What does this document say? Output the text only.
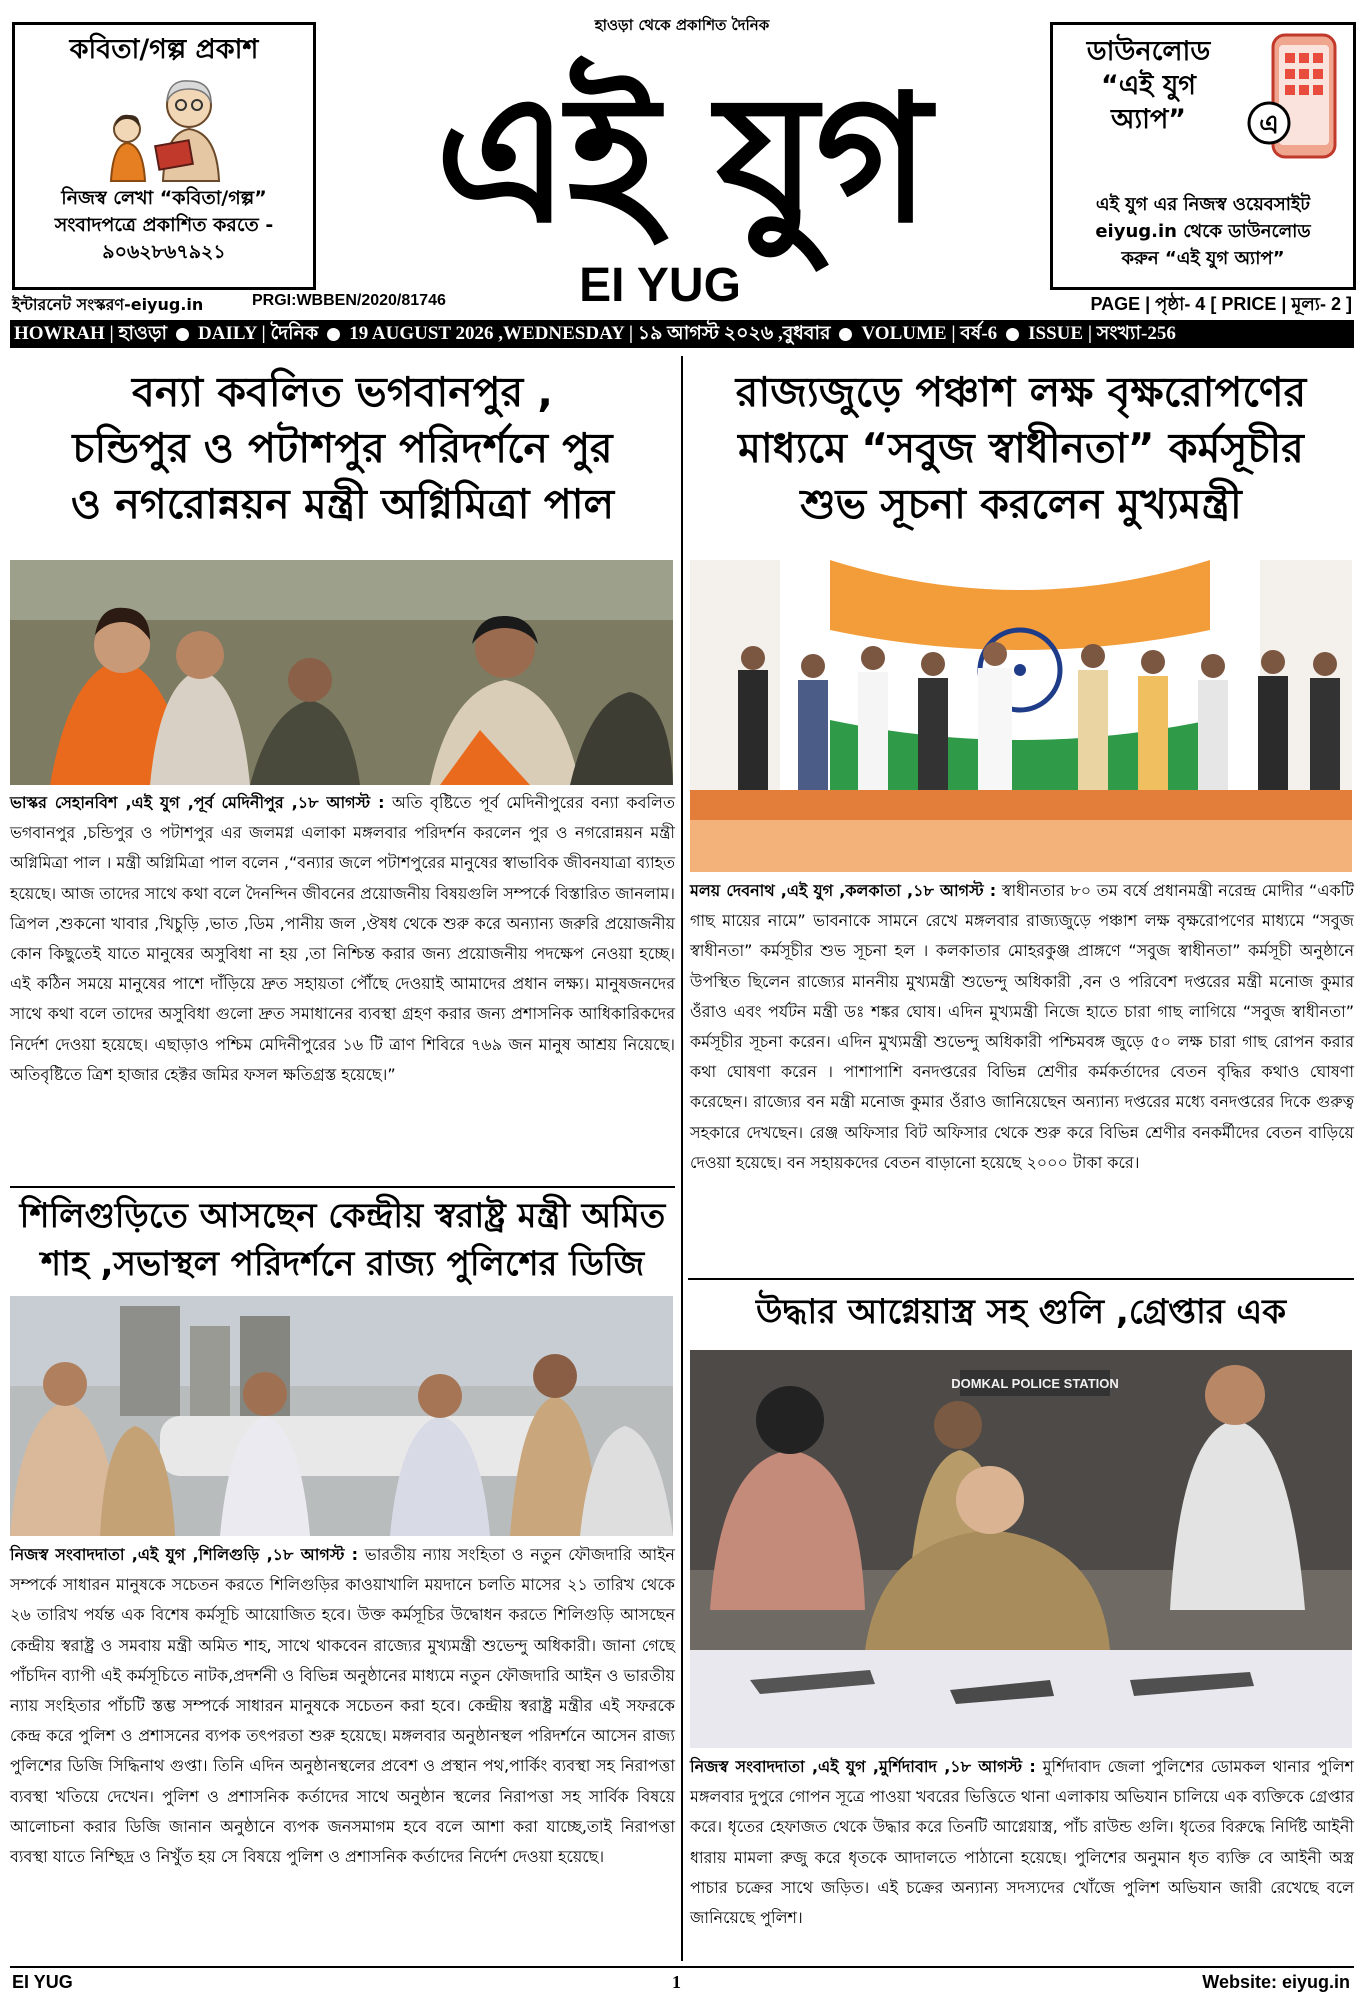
কবিতা/গল্প প্রকাশ
নিজস্ব লেখা “কবিতা/গল্প”
সংবাদপত্রে প্রকাশিত করতে -
৯০৬২৮৬৭৯২১
হাওড়া থেকে প্রকাশিত দৈনিক
এই যুগ
EI YUG
ডাউনলোড
“এই যুগ
অ্যাপ”	এ
এই যুগ এর নিজস্ব ওয়েবসাইট
eiyug.in থেকে ডাউনলোড
করুন “এই যুগ অ্যাপ”
ইন্টারনেট সংস্করণ-eiyug.in	PRGI:WBBEN/2020/81746	PAGE | পৃষ্ঠা- 4 [ PRICE | মূল্য- 2 ]
HOWRAH | হাওড়া DAILY | দৈনিক 19 AUGUST 2026 ,WEDNESDAY | ১৯ আগস্ট ২০২৬ ,বুধবার VOLUME | বর্ষ-6 ISSUE | সংখ্যা-256
বন্যা কবলিত ভগবানপুর ,
চন্ডিপুর ও পটাশপুর পরিদর্শনে পুর
ও নগরোন্নয়ন মন্ত্রী অগ্নিমিত্রা পাল
ভাস্কর সেহানবিশ ,এই যুগ ,পূর্ব মেদিনীপুর ,১৮ আগস্ট : অতি বৃষ্টিতে পূর্ব মেদিনীপুরের বন্যা কবলিত ভগবানপুর ,চন্ডিপুর ও পটাশপুর এর জলমগ্ন এলাকা মঙ্গলবার পরিদর্শন করলেন পুর ও নগরোন্নয়ন মন্ত্রী অগ্নিমিত্রা পাল । মন্ত্রী অগ্নিমিত্রা পাল বলেন ,“বন্যার জলে পটাশপুরের মানুষের স্বাভাবিক জীবনযাত্রা ব্যাহত হয়েছে। আজ তাদের সাথে কথা বলে দৈনন্দিন জীবনের প্রয়োজনীয় বিষয়গুলি সম্পর্কে বিস্তারিত জানলাম।ত্রিপল ,শুকনো খাবার ,খিচুড়ি ,ভাত ,ডিম ,পানীয় জল ,ঔষধ থেকে শুরু করে অন্যান্য জরুরি প্রয়োজনীয় কোন কিছুতেই যাতে মানুষের অসুবিধা না হয় ,তা নিশ্চিন্ত করার জন্য প্রয়োজনীয় পদক্ষেপ নেওয়া হচ্ছে। এই কঠিন সময়ে মানুষের পাশে দাঁড়িয়ে দ্রুত সহায়তা পৌঁছে দেওয়াই আমাদের প্রধান লক্ষ্য। মানুষজনদের সাথে কথা বলে তাদের অসুবিধা গুলো দ্রুত সমাধানের ব্যবস্থা গ্রহণ করার জন্য প্রশাসনিক আধিকারিকদের নির্দেশ দেওয়া হয়েছে। এছাড়াও পশ্চিম মেদিনীপুরের ১৬ টি ত্রাণ শিবিরে ৭৬৯ জন মানুষ আশ্রয় নিয়েছে। অতিবৃষ্টিতে ত্রিশ হাজার হেক্টর জমির ফসল ক্ষতিগ্রস্ত হয়েছে।”
শিলিগুড়িতে আসছেন কেন্দ্রীয় স্বরাষ্ট্র মন্ত্রী অমিত
শাহ ,সভাস্থল পরিদর্শনে রাজ্য পুলিশের ডিজি
নিজস্ব সংবাদদাতা ,এই যুগ ,শিলিগুড়ি ,১৮ আগস্ট : ভারতীয় ন্যায় সংহিতা ও নতুন ফৌজদারি আইন সম্পর্কে সাধারন মানুষকে সচেতন করতে শিলিগুড়ির কাওয়াখালি ময়দানে চলতি মাসের ২১ তারিখ থেকে ২৬ তারিখ পর্যন্ত এক বিশেষ কর্মসূচি আয়োজিত হবে। উক্ত কর্মসূচির উদ্বোধন করতে শিলিগুড়ি আসছেন কেন্দ্রীয় স্বরাষ্ট্র ও সমবায় মন্ত্রী অমিত শাহ, সাথে থাকবেন রাজ্যের মুখ্যমন্ত্রী শুভেন্দু অধিকারী। জানা গেছে পাঁচদিন ব্যাপী এই কর্মসূচিতে নাটক,প্রদর্শনী ও বিভিন্ন অনুষ্ঠানের মাধ্যমে নতুন ফৌজদারি আইন ও ভারতীয় ন্যায় সংহিতার পাঁচটি স্তম্ভ সম্পর্কে সাধারন মানুষকে সচেতন করা হবে। কেন্দ্রীয় স্বরাষ্ট্র মন্ত্রীর এই সফরকে কেন্দ্র করে পুলিশ ও প্রশাসনের ব্যপক তৎপরতা শুরু হয়েছে। মঙ্গলবার অনুষ্ঠানস্থল পরিদর্শনে আসেন রাজ্য পুলিশের ডিজি সিদ্ধিনাথ গুপ্তা। তিনি এদিন অনুষ্ঠানস্থলের প্রবেশ ও প্রস্থান পথ,পার্কিং ব্যবস্থা সহ নিরাপত্তা ব্যবস্থা খতিয়ে দেখেন। পুলিশ ও প্রশাসনিক কর্তাদের সাথে অনুষ্ঠান স্থলের নিরাপত্তা সহ সার্বিক বিষয়ে আলোচনা করার ডিজি জানান অনুষ্ঠানে ব্যপক জনসমাগম হবে বলে আশা করা যাচ্ছে,তাই নিরাপত্তা ব্যবস্থা যাতে নিশ্ছিদ্র ও নিখুঁত হয় সে বিষয়ে পুলিশ ও প্রশাসনিক কর্তাদের নির্দেশ দেওয়া হয়েছে।
রাজ্যজুড়ে পঞ্চাশ লক্ষ বৃক্ষরোপণের
মাধ্যমে “সবুজ স্বাধীনতা” কর্মসূচীর
শুভ সূচনা করলেন মুখ্যমন্ত্রী
মলয় দেবনাথ ,এই যুগ ,কলকাতা ,১৮ আগস্ট : স্বাধীনতার ৮০ তম বর্ষে প্রধানমন্ত্রী নরেন্দ্র মোদীর “একটি গাছ মায়ের নামে” ভাবনাকে সামনে রেখে মঙ্গলবার রাজ্যজুড়ে পঞ্চাশ লক্ষ বৃক্ষরোপণের মাধ্যমে “সবুজ স্বাধীনতা” কর্মসূচীর শুভ সূচনা হল । কলকাতার মোহরকুঞ্জ প্রাঙ্গণে “সবুজ স্বাধীনতা” কর্মসূচী অনুষ্ঠানে উপস্থিত ছিলেন রাজ্যের মাননীয় মুখ্যমন্ত্রী শুভেন্দু অধিকারী ,বন ও পরিবেশ দপ্তরের মন্ত্রী মনোজ কুমার ওঁরাও এবং পর্যটন মন্ত্রী ডঃ শঙ্কর ঘোষ। এদিন মুখ্যমন্ত্রী নিজে হাতে চারা গাছ লাগিয়ে “সবুজ স্বাধীনতা” কর্মসূচীর সূচনা করেন। এদিন মুখ্যমন্ত্রী শুভেন্দু অধিকারী পশ্চিমবঙ্গ জুড়ে ৫০ লক্ষ চারা গাছ রোপন করার কথা ঘোষণা করেন । পাশাপাশি বনদপ্তরের বিভিন্ন শ্রেণীর কর্মকর্তাদের বেতন বৃদ্ধির কথাও ঘোষণা করেছেন। রাজ্যের বন মন্ত্রী মনোজ কুমার ওঁরাও জানিয়েছেন অন্যান্য দপ্তরের মধ্যে বনদপ্তরের দিকে গুরুত্ব সহকারে দেখছেন। রেঞ্জ অফিসার বিট অফিসার থেকে শুরু করে বিভিন্ন শ্রেণীর বনকর্মীদের বেতন বাড়িয়ে দেওয়া হয়েছে। বন সহায়কদের বেতন বাড়ানো হয়েছে ২০০০ টাকা করে।
উদ্ধার আগ্নেয়াস্ত্র সহ গুলি ,গ্রেপ্তার এক
DOMKAL POLICE STATION
নিজস্ব সংবাদদাতা ,এই যুগ ,মুর্শিদাবাদ ,১৮ আগস্ট : মুর্শিদাবাদ জেলা পুলিশের ডোমকল থানার পুলিশ মঙ্গলবার দুপুরে গোপন সূত্রে পাওয়া খবরের ভিত্তিতে থানা এলাকায় অভিযান চালিয়ে এক ব্যক্তিকে গ্রেপ্তার করে। ধৃতের হেফাজত থেকে উদ্ধার করে তিনটি আগ্নেয়াস্ত্র, পাঁচ রাউন্ড গুলি। ধৃতের বিরুদ্ধে নির্দিষ্ট আইনী ধারায় মামলা রুজু করে ধৃতকে আদালতে পাঠানো হয়েছে। পুলিশের অনুমান ধৃত ব্যক্তি বে আইনী অস্ত্র পাচার চক্রের সাথে জড়িত। এই চক্রের অন্যান্য সদস্যদের খোঁজে পুলিশ অভিযান জারী রেখেছে বলে জানিয়েছে পুলিশ।
EI YUG	1	Website: eiyug.in
